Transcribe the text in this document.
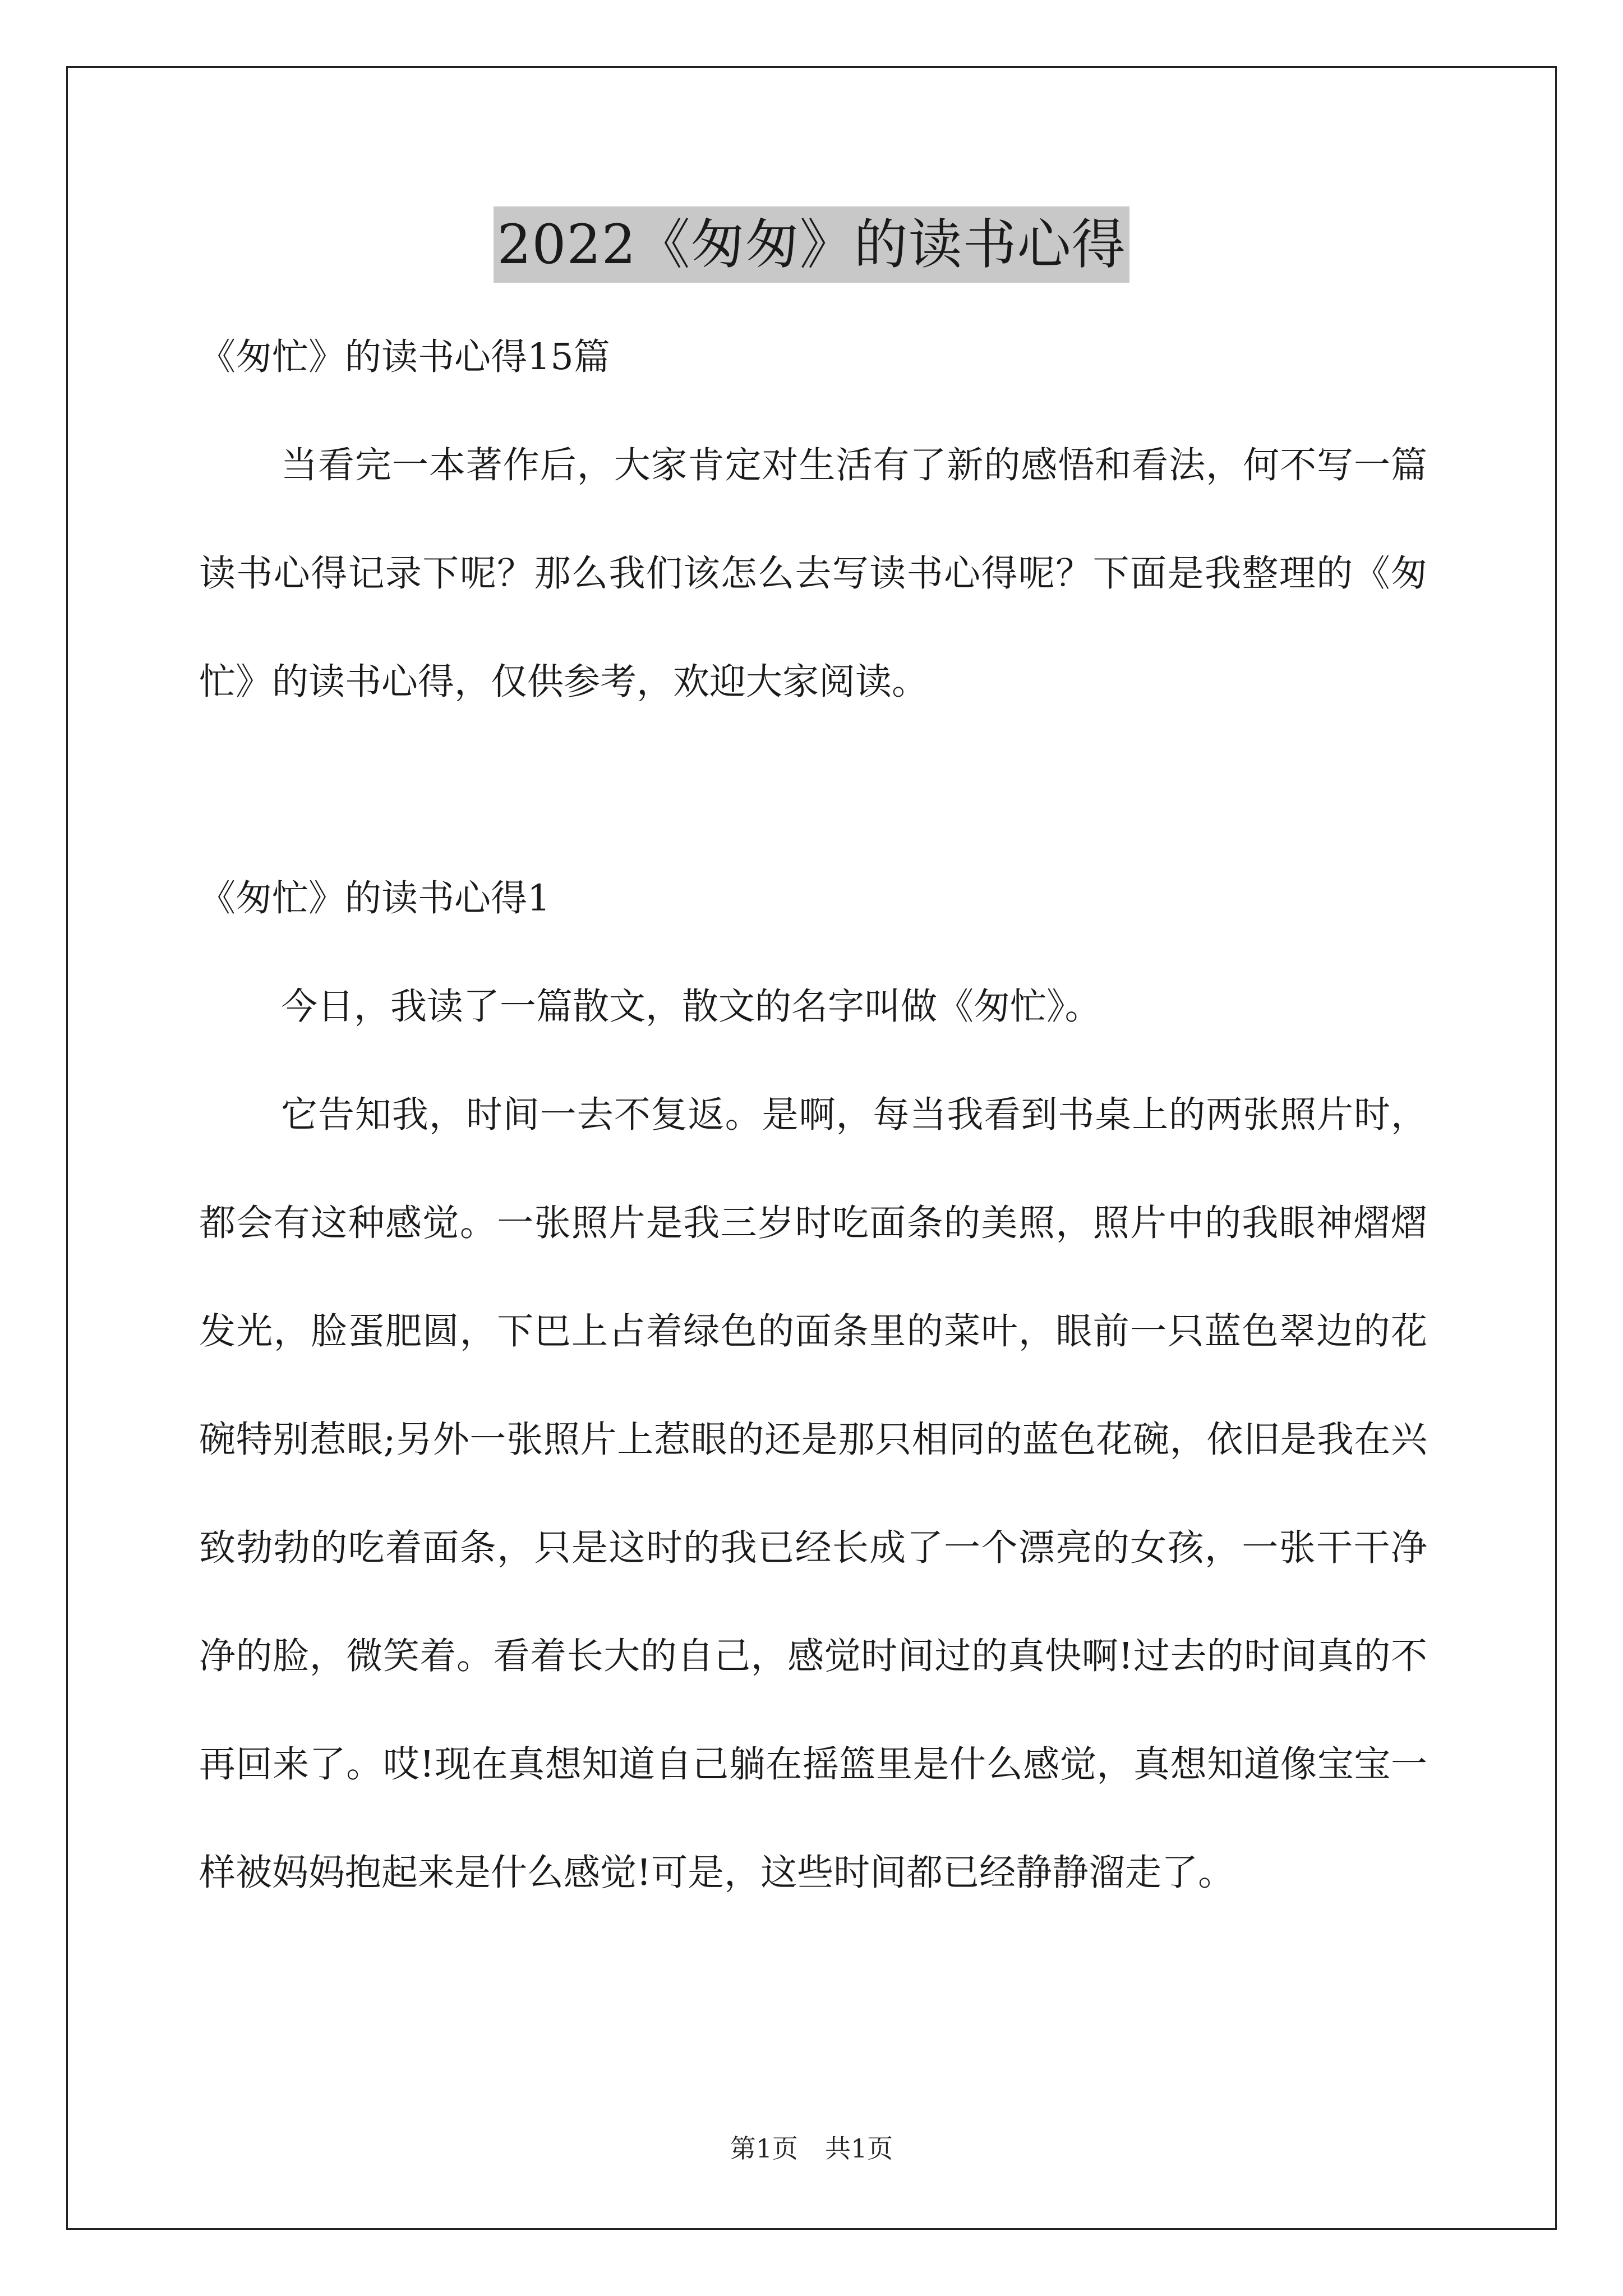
2022《匆匆》的读书心得

《匆忙》的读书心得15篇

当看完一本著作后，大家肯定对生活有了新的感悟和看法，何不写一篇读书心得记录下呢？那么我们该怎么去写读书心得呢？下面是我整理的《匆忙》的读书心得，仅供参考，欢迎大家阅读。

《匆忙》的读书心得1

今日，我读了一篇散文，散文的名字叫做《匆忙》。

它告知我，时间一去不复返。是啊，每当我看到书桌上的两张照片时，都会有这种感觉。一张照片是我三岁时吃面条的美照，照片中的我眼神熠熠发光，脸蛋肥圆，下巴上占着绿色的面条里的菜叶，眼前一只蓝色翠边的花碗特别惹眼;另外一张照片上惹眼的还是那只相同的蓝色花碗，依旧是我在兴致勃勃的吃着面条，只是这时的我已经长成了一个漂亮的女孩，一张干干净净的脸，微笑着。看着长大的自己，感觉时间过的真快啊!过去的时间真的不再回来了。哎!现在真想知道自己躺在摇篮里是什么感觉，真想知道像宝宝一样被妈妈抱起来是什么感觉!可是，这些时间都已经静静溜走了。

第1页 共1页
